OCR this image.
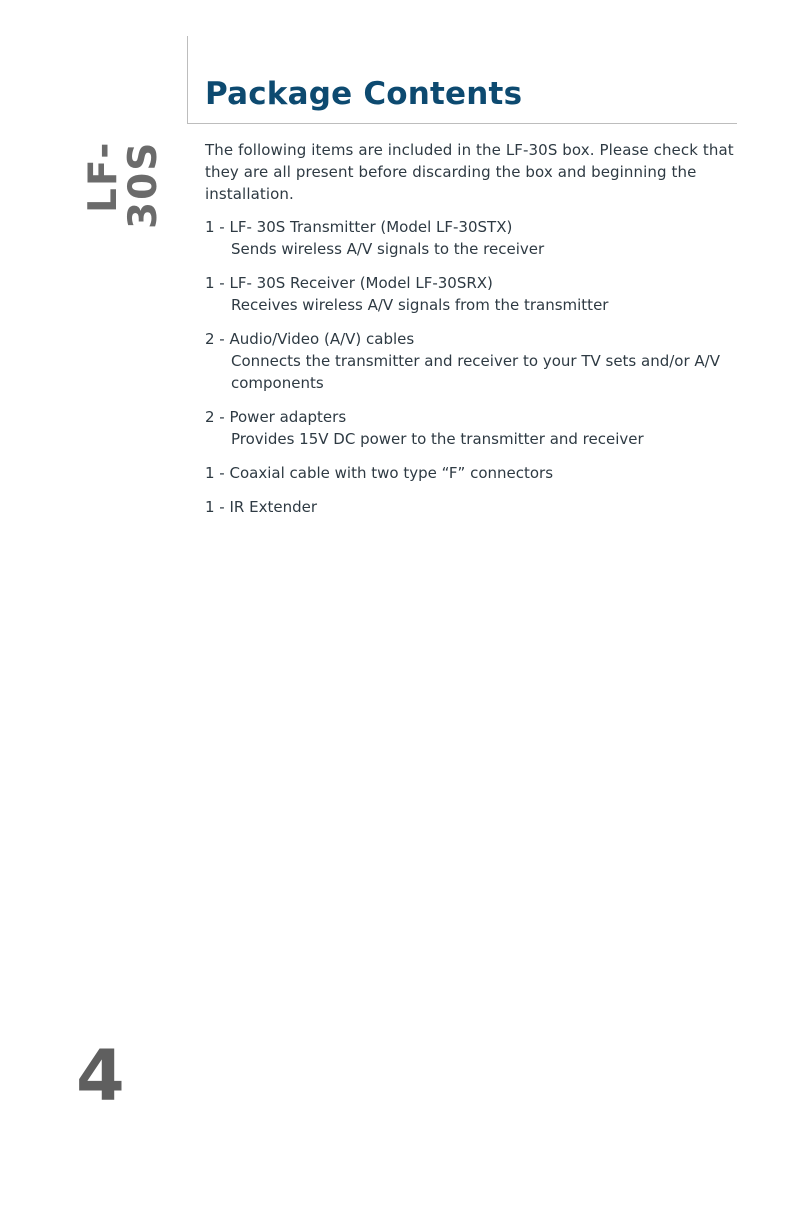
Package Contents
LF-30S	The following items are included in the LF-30S box. Please check that they are all present before discarding the box and beginning the installation.

1 - LF- 30S Transmitter (Model LF-30STX)
Sends wireless A/V signals to the receiver
1 - LF- 30S Receiver (Model LF-30SRX)
Receives wireless A/V signals from the transmitter
2 - Audio/Video (A/V) cables
Connects the transmitter and receiver to your TV sets and/or A/V components
2 - Power adapters
Provides 15V DC power to the transmitter and receiver
1 - Coaxial cable with two type “F” connectors
1 - IR Extender
4
